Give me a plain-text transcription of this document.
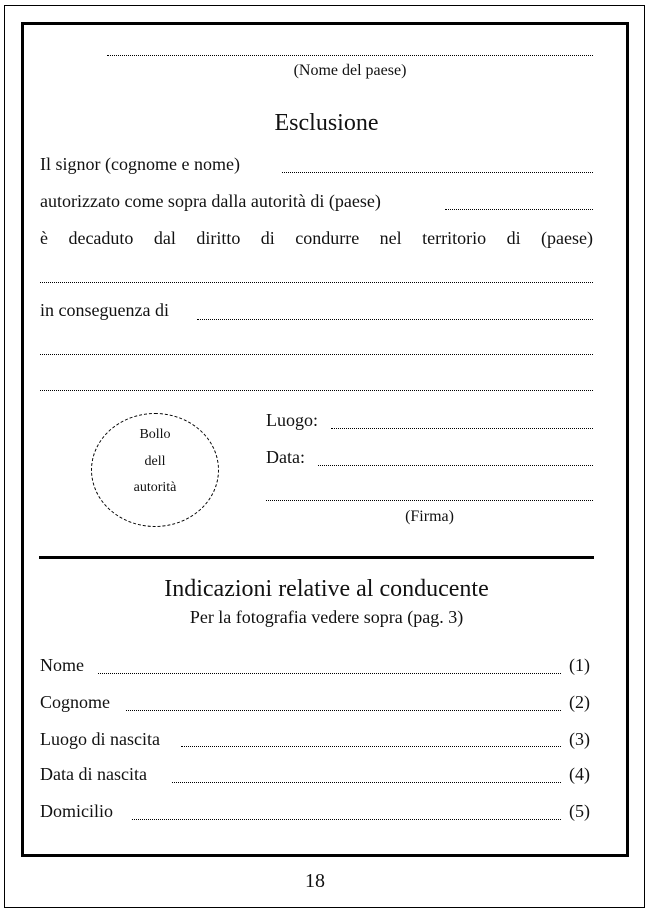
(Nome del paese)
Esclusione
Il signor (cognome e nome)
autorizzato come sopra dalla autorità di (paese)
è decaduto dal diritto di condurre nel territorio di (paese)
in conseguenza di
Bollo
dell
autorità
Luogo:
Data:
(Firma)
Indicazioni relative al conducente
Per la fotografia vedere sopra (pag. 3)
Nome	(1)
Cognome	(2)
Luogo di nascita	(3)
Data di nascita	(4)
Domicilio	(5)
18
